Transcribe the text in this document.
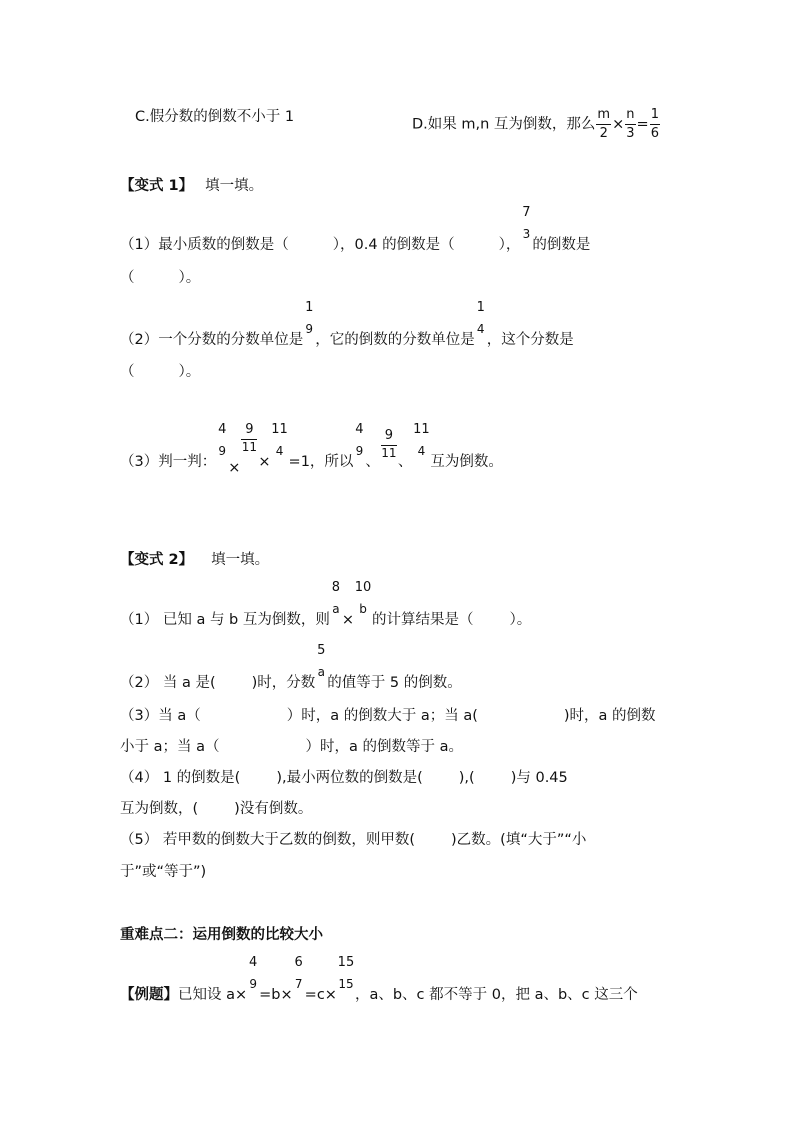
C.假分数的倒数不小于 1	D.如果 m,n 互为倒数，那么 $\frac{m}{2} \times \frac{n}{3} = \frac{1}{6}$
【变式 1】 填一填。
（1）最小质数的倒数是（	），0.4 的倒数是（	），
7
3
的倒数是
（	）。
（2）一个分数的分数单位是
1
9
，它的倒数的分数单位是
1
4
，这个分数是
（	）。
（3）判一判：
4
9
× $\frac{9}{11}$ ×
11
4
=1，所以
4
9
、 $\frac{9}{11}$ 、
11
4
互为倒数。
【变式 2】 填一填。
（1） 已知 a 与 b 互为倒数，则
8
a
×
10
b
的计算结果是（ ）。
（2） 当 a 是( )时，分数
5
a
的值等于 5 的倒数。
（3）当 a（	）时，a 的倒数大于 a；当 a(	)时，a 的倒数
小于 a；当 a（	）时，a 的倒数等于 a。
（4） 1 的倒数是( ),最小两位数的倒数是( ),( )与 0.45
互为倒数，( )没有倒数。
（5） 若甲数的倒数大于乙数的倒数，则甲数( )乙数。(填“大于”“小
于”或“等于”)
重难点二：运用倒数的比较大小
【例题】已知设 a×
4
9
=b×
6
7
=c×
15
15
，a、b、c 都不等于 0，把 a、b、c 这三个
